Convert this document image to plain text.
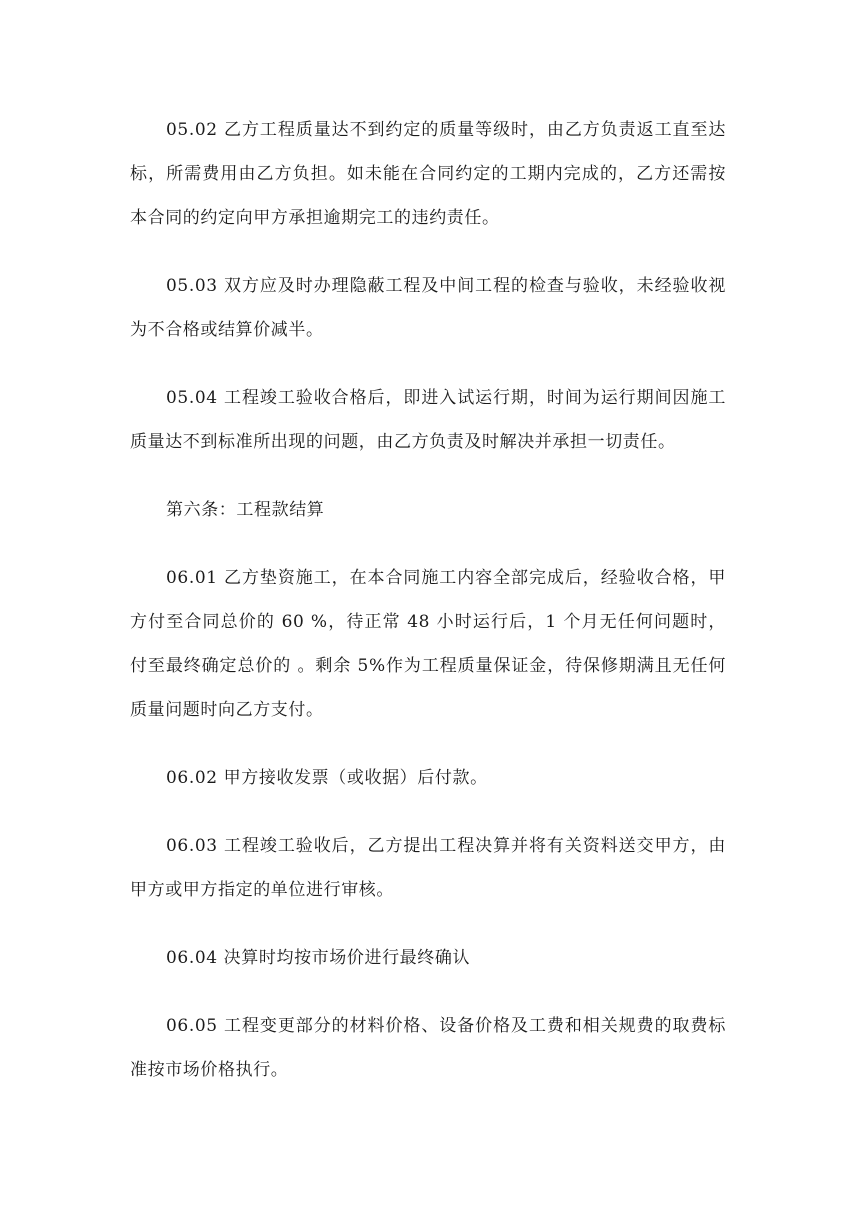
05.02 乙方工程质量达不到约定的质量等级时，由乙方负责返工直至达标，所需费用由乙方负担。如未能在合同约定的工期内完成的，乙方还需按本合同的约定向甲方承担逾期完工的违约责任。

05.03 双方应及时办理隐蔽工程及中间工程的检查与验收，未经验收视为不合格或结算价减半。

05.04 工程竣工验收合格后，即进入试运行期，时间为运行期间因施工质量达不到标准所出现的问题，由乙方负责及时解决并承担一切责任。

第六条：工程款结算

06.01 乙方垫资施工，在本合同施工内容全部完成后，经验收合格，甲方付至合同总价的 60 %，待正常 48 小时运行后，1 个月无任何问题时，付至最终确定总价的 。剩余 5%作为工程质量保证金，待保修期满且无任何质量问题时向乙方支付。

06.02 甲方接收发票（或收据）后付款。

06.03 工程竣工验收后，乙方提出工程决算并将有关资料送交甲方，由甲方或甲方指定的单位进行审核。

06.04 决算时均按市场价进行最终确认

06.05 工程变更部分的材料价格、设备价格及工费和相关规费的取费标准按市场价格执行。
